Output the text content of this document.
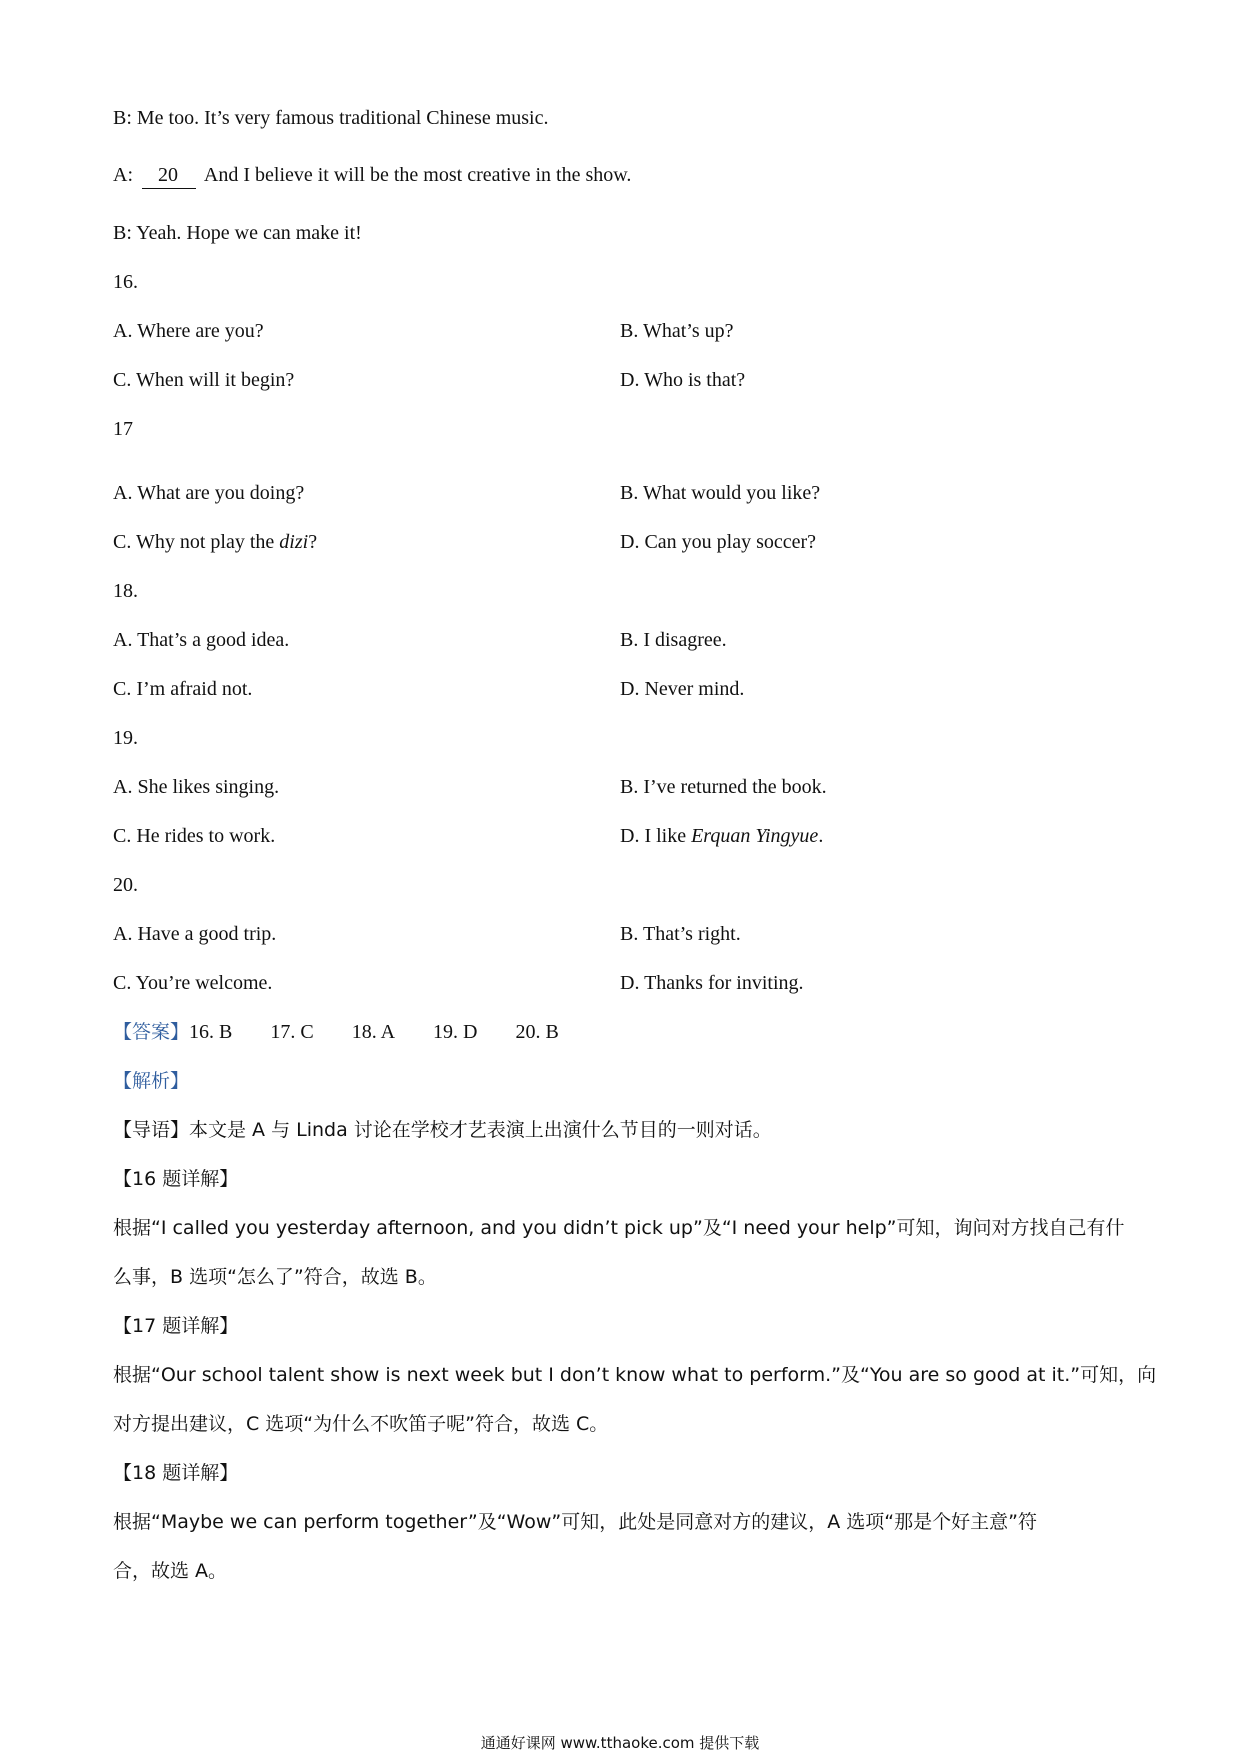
B: Me too. It’s very famous traditional Chinese music.
A: 20 And I believe it will be the most creative in the show.
B: Yeah. Hope we can make it!
16.
A. Where are you?	B. What’s up?
C. When will it begin?	D. Who is that?
17
A. What are you doing?	B. What would you like?
C. Why not play the dizi?	D. Can you play soccer?
18.
A. That’s a good idea.	B. I disagree.
C. I’m afraid not.	D. Never mind.
19.
A. She likes singing.	B. I’ve returned the book.
C. He rides to work.	D. I like Erquan Yingyue.
20.
A. Have a good trip.	B. That’s right.
C. You’re welcome.	D. Thanks for inviting.
【答案】16. B 17. C 18. A 19. D 20. B
【解析】
【导语】本文是 A 与 Linda 讨论在学校才艺表演上出演什么节目的一则对话。
【16 题详解】
根据“I called you yesterday afternoon, and you didn’t pick up”及“I need your help”可知，询问对方找自己有什
么事，B 选项“怎么了”符合，故选 B。
【17 题详解】
根据“Our school talent show is next week but I don’t know what to perform.”及“You are so good at it.”可知，向
对方提出建议，C 选项“为什么不吹笛子呢”符合，故选 C。
【18 题详解】
根据“Maybe we can perform together”及“Wow”可知，此处是同意对方的建议，A 选项“那是个好主意”符
合，故选 A。
通通好课网 www.tthaoke.com 提供下载
